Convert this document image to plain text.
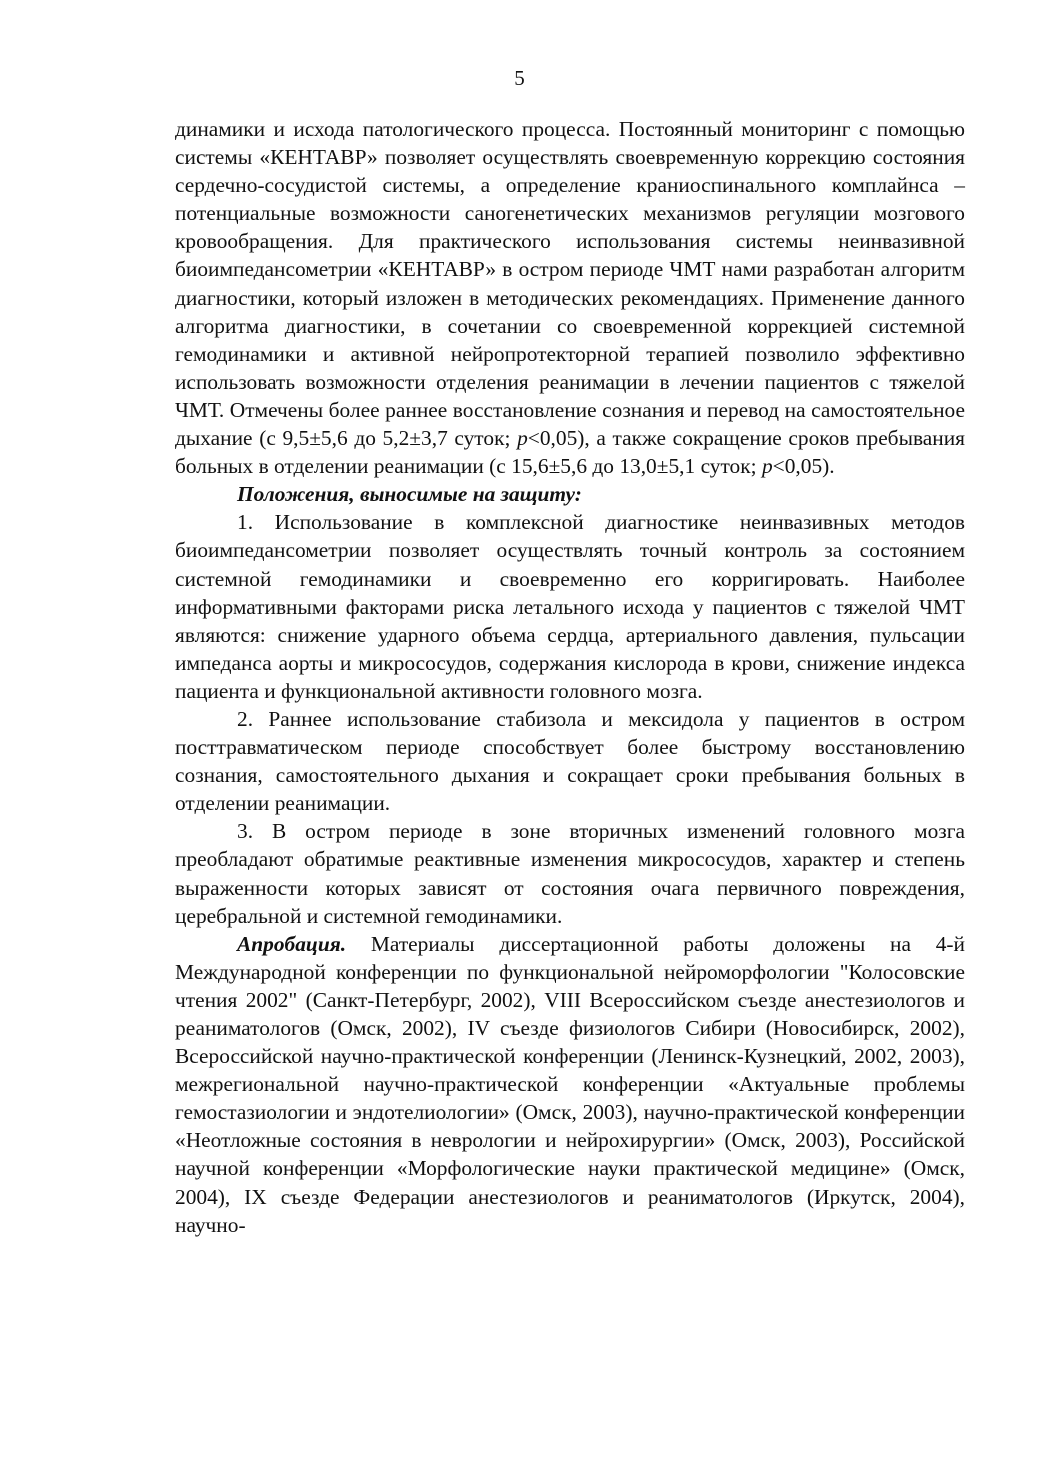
5

динамики и исхода патологического процесса. Постоянный мониторинг с помощью системы «КЕНТАВР» позволяет осуществлять своевременную коррекцию состояния сердечно-сосудистой системы, а определение краниоспинального комплайнса – потенциальные возможности саногенетических механизмов регуляции мозгового кровообращения. Для практического использования системы неинвазивной биоимпедансометрии «КЕНТАВР» в остром периоде ЧМТ нами разработан алгоритм диагностики, который изложен в методических рекомендациях. Применение данного алгоритма диагностики, в сочетании со своевременной коррекцией системной гемодинамики и активной нейропротекторной терапией позволило эффективно использовать возможности отделения реанимации в лечении пациентов с тяжелой ЧМТ. Отмечены более раннее восстановление сознания и перевод на самостоятельное дыхание (с 9,5±5,6 до 5,2±3,7 суток; p<0,05), а также сокращение сроков пребывания больных в отделении реанимации (с 15,6±5,6 до 13,0±5,1 суток; p<0,05).

Положения, выносимые на защиту:

1. Использование в комплексной диагностике неинвазивных методов биоимпедансометрии позволяет осуществлять точный контроль за состоянием системной гемодинамики и своевременно его корригировать. Наиболее информативными факторами риска летального исхода у пациентов с тяжелой ЧМТ являются: снижение ударного объема сердца, артериального давления, пульсации импеданса аорты и микрососудов, содержания кислорода в крови, снижение индекса пациента и функциональной активности головного мозга.

2. Раннее использование стабизола и мексидола у пациентов в остром посттравматическом периоде способствует более быстрому восстановлению сознания, самостоятельного дыхания и сокращает сроки пребывания больных в отделении реанимации.

3. В остром периоде в зоне вторичных изменений головного мозга преобладают обратимые реактивные изменения микрососудов, характер и степень выраженности которых зависят от состояния очага первичного повреждения, церебральной и системной гемодинамики.

Апробация. Материалы диссертационной работы доложены на 4-й Международной конференции по функциональной нейроморфологии "Колосовские чтения 2002" (Санкт-Петербург, 2002), VIII Всероссийском съезде анестезиологов и реаниматологов (Омск, 2002), IV съезде физиологов Сибири (Новосибирск, 2002), Всероссийской научно-практической конференции (Ленинск-Кузнецкий, 2002, 2003), межрегиональной научно-практической конференции «Актуальные проблемы гемостазиологии и эндотелиологии» (Омск, 2003), научно-практической конференции «Неотложные состояния в неврологии и нейрохирургии» (Омск, 2003), Российской научной конференции «Морфологические науки практической медицине» (Омск, 2004), IX съезде Федерации анестезиологов и реаниматологов (Иркутск, 2004), научно-
